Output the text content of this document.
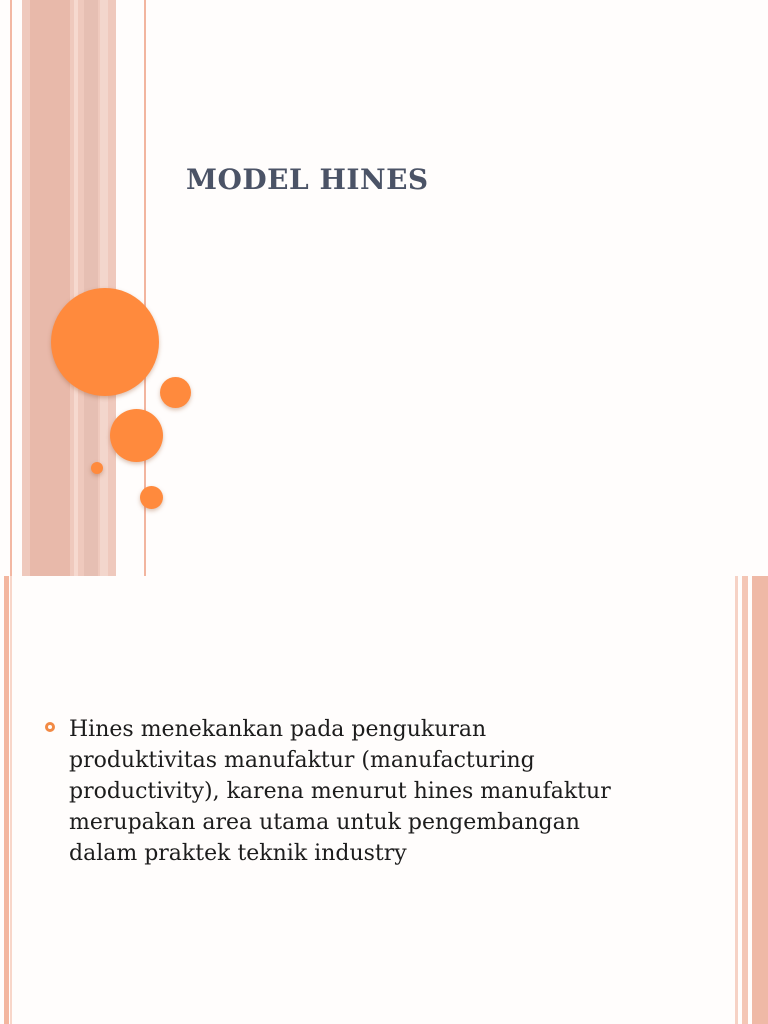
MODEL HINES
Hines menekankan pada pengukuran
produktivitas manufaktur (manufacturing
productivity), karena menurut hines manufaktur
merupakan area utama untuk pengembangan
dalam praktek teknik industry
